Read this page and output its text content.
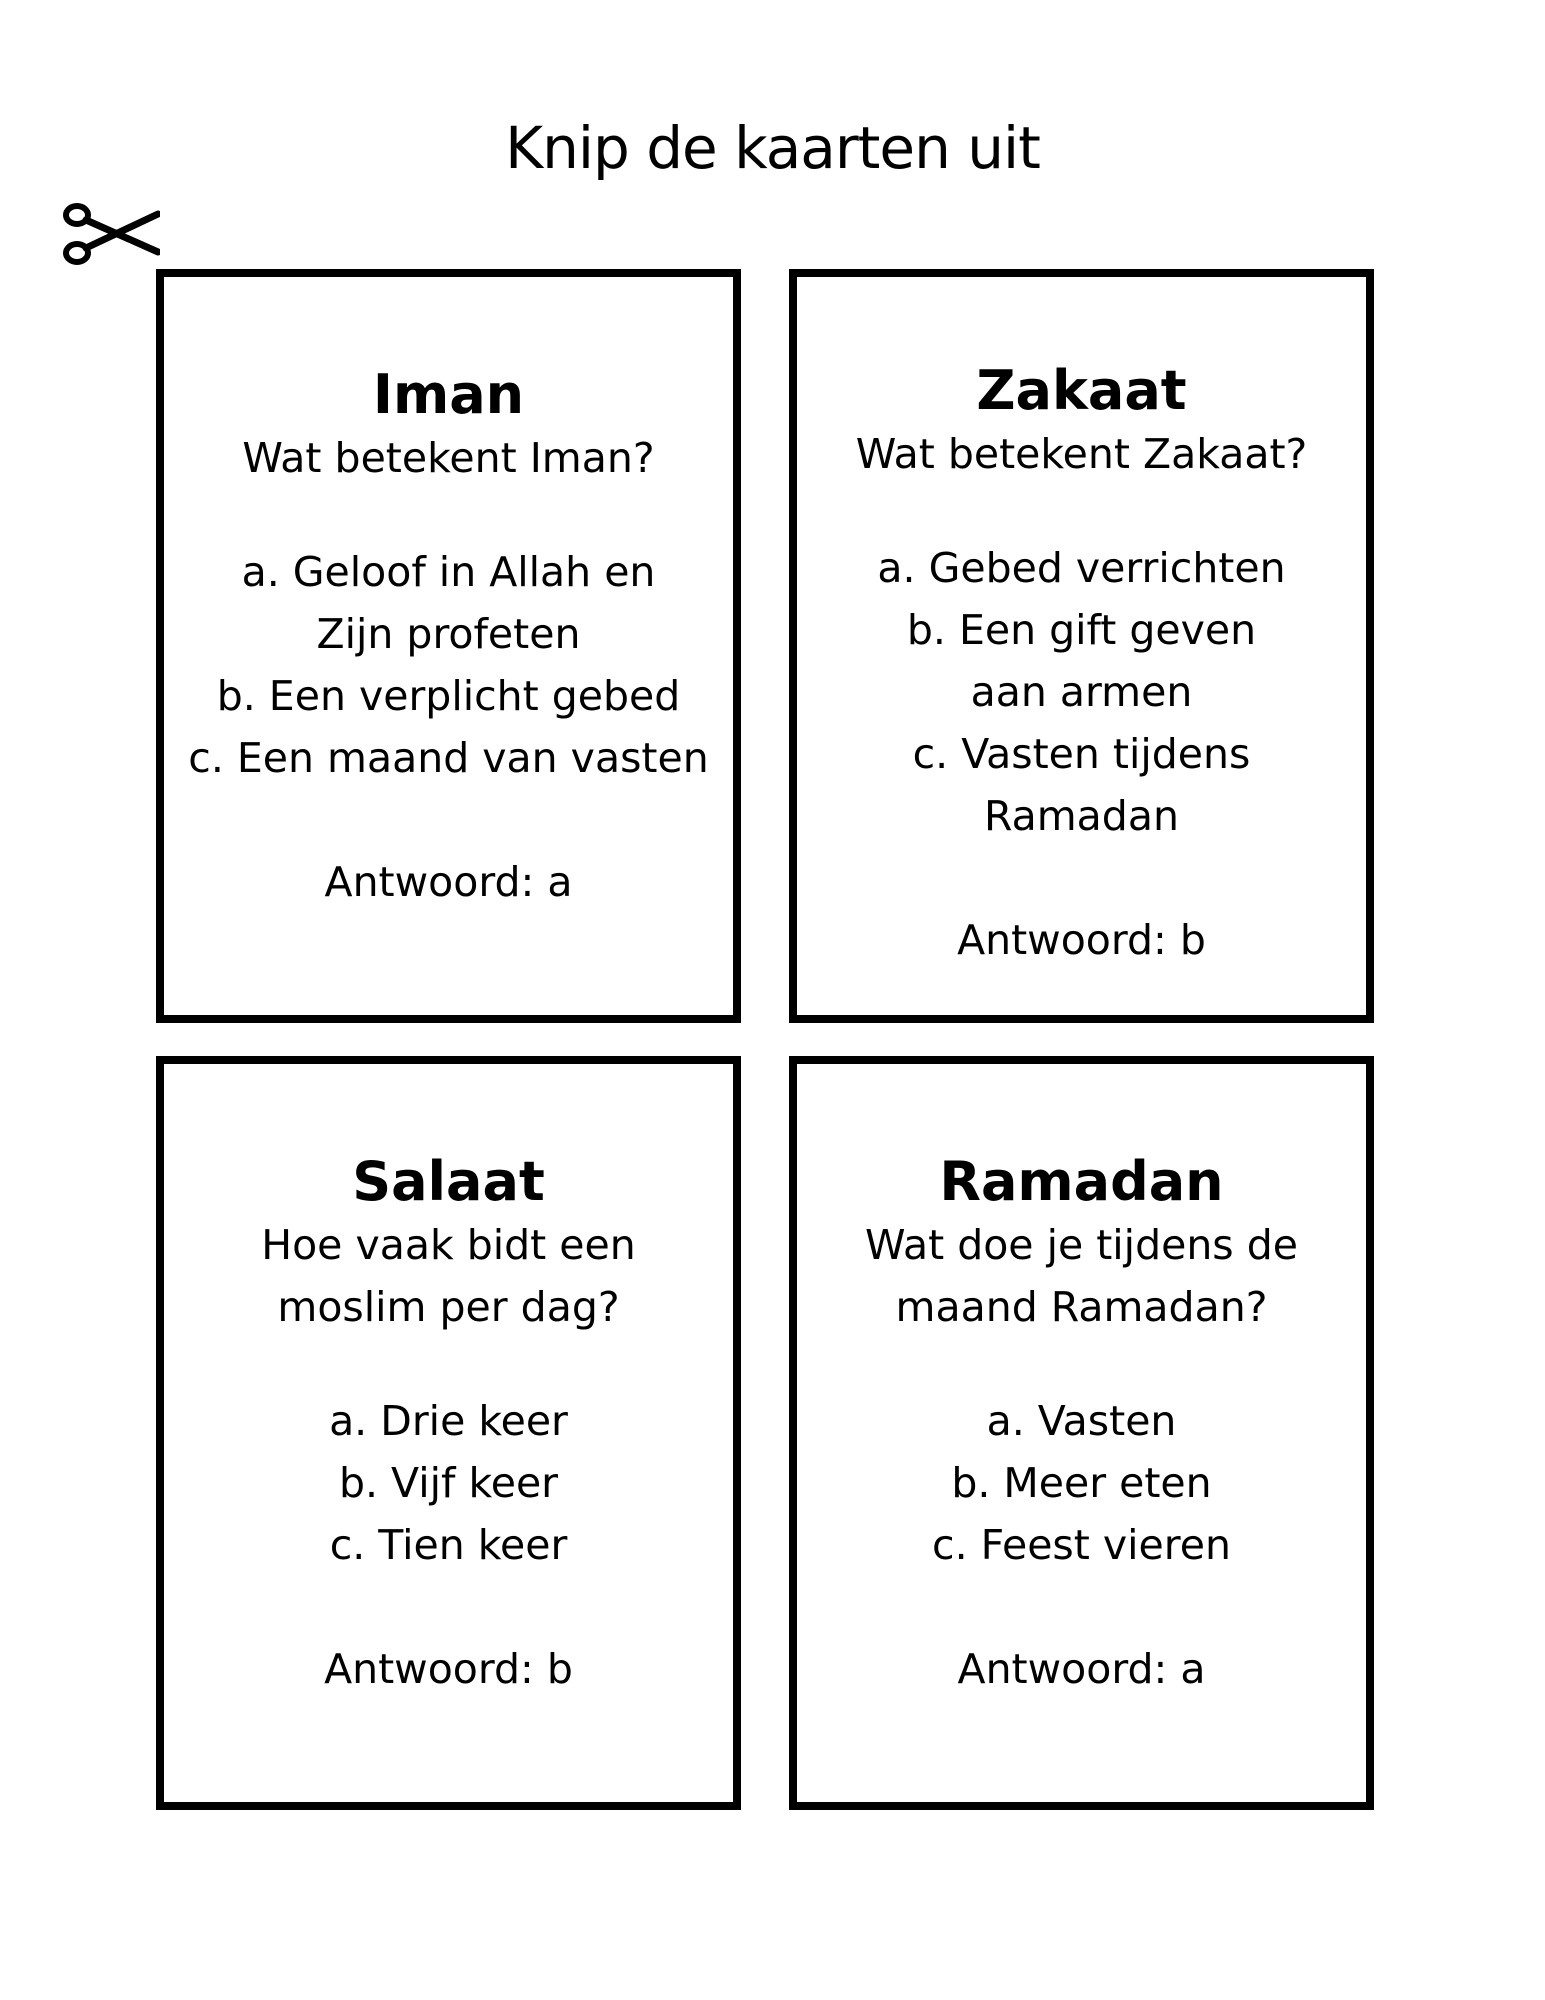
Knip de kaarten uit
Iman
Wat betekent Iman?
a. Geloof in Allah en Zijn profeten
b. Een verplicht gebed
c. Een maand van vasten
Antwoord: a
Zakaat
Wat betekent Zakaat?
a. Gebed verrichten
b. Een gift geven aan armen
c. Vasten tijdens Ramadan
Antwoord: b
Salaat
Hoe vaak bidt een moslim per dag?
a. Drie keer
b. Vijf keer
c. Tien keer
Antwoord: b
Ramadan
Wat doe je tijdens de maand Ramadan?
a. Vasten
b. Meer eten
c. Feest vieren
Antwoord: a
